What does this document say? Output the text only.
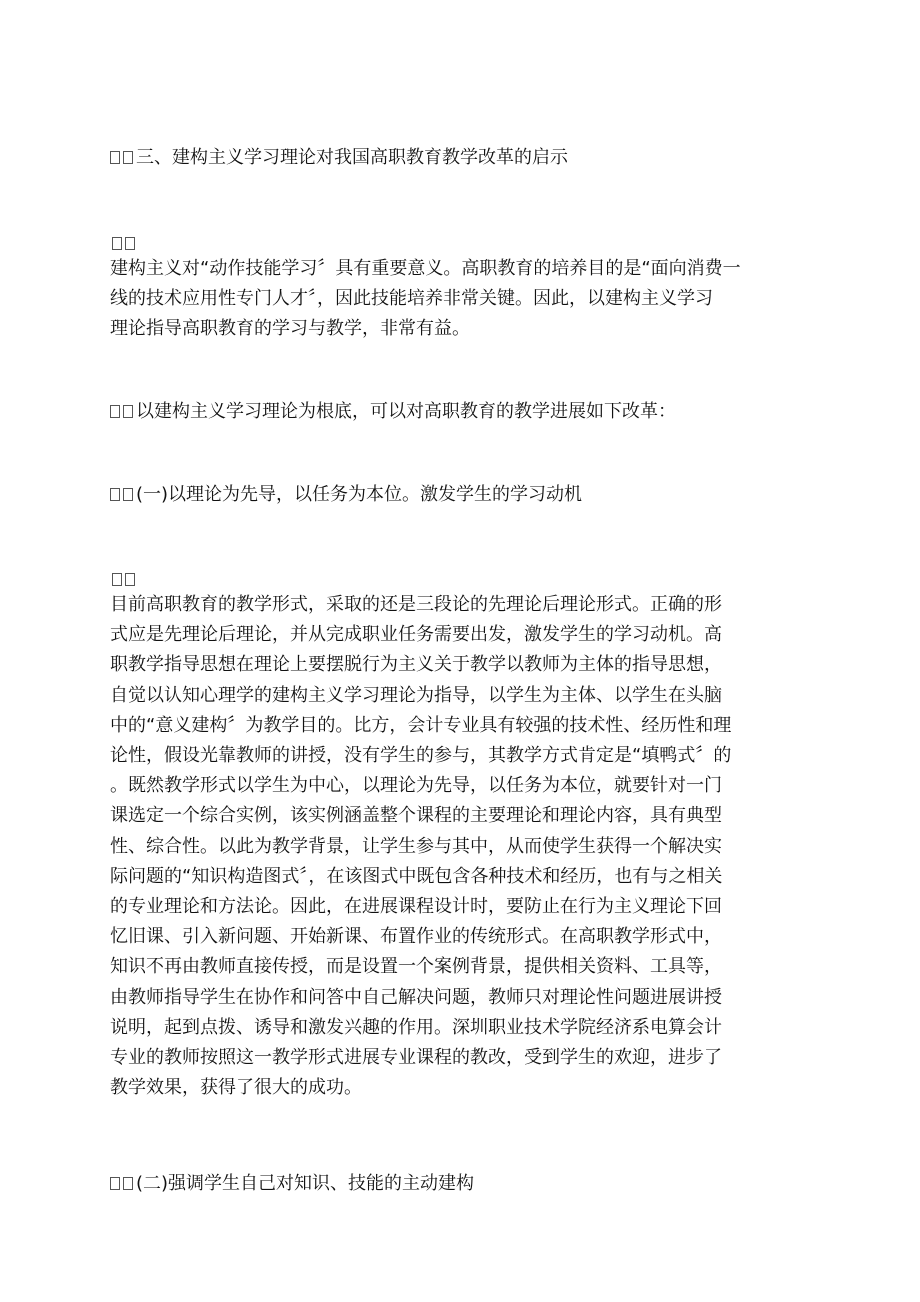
三、建构主义学习理论对我国高职教育教学改革的启示
建构主义对“动作技能学习〞具有重要意义。高职教育的培养目的是“面向消费一
线的技术应用性专门人才〞，因此技能培养非常关键。因此，以建构主义学习
理论指导高职教育的学习与教学，非常有益。
以建构主义学习理论为根底，可以对高职教育的教学进展如下改革：
(一)以理论为先导，以任务为本位。激发学生的学习动机
目前高职教育的教学形式，采取的还是三段论的先理论后理论形式。正确的形
式应是先理论后理论，并从完成职业任务需要出发，激发学生的学习动机。高
职教学指导思想在理论上要摆脱行为主义关于教学以教师为主体的指导思想，
自觉以认知心理学的建构主义学习理论为指导，以学生为主体、以学生在头脑
中的“意义建构〞为教学目的。比方，会计专业具有较强的技术性、经历性和理
论性，假设光靠教师的讲授，没有学生的参与，其教学方式肯定是“填鸭式〞的
。既然教学形式以学生为中心，以理论为先导，以任务为本位，就要针对一门
课选定一个综合实例，该实例涵盖整个课程的主要理论和理论内容，具有典型
性、综合性。以此为教学背景，让学生参与其中，从而使学生获得一个解决实
际问题的“知识构造图式〞，在该图式中既包含各种技术和经历，也有与之相关
的专业理论和方法论。因此，在进展课程设计时，要防止在行为主义理论下回
忆旧课、引入新问题、开始新课、布置作业的传统形式。在高职教学形式中，
知识不再由教师直接传授，而是设置一个案例背景，提供相关资料、工具等，
由教师指导学生在协作和问答中自己解决问题，教师只对理论性问题进展讲授
说明，起到点拨、诱导和激发兴趣的作用。深圳职业技术学院经济系电算会计
专业的教师按照这一教学形式进展专业课程的教改，受到学生的欢迎，进步了
教学效果，获得了很大的成功。
(二)强调学生自己对知识、技能的主动建构
